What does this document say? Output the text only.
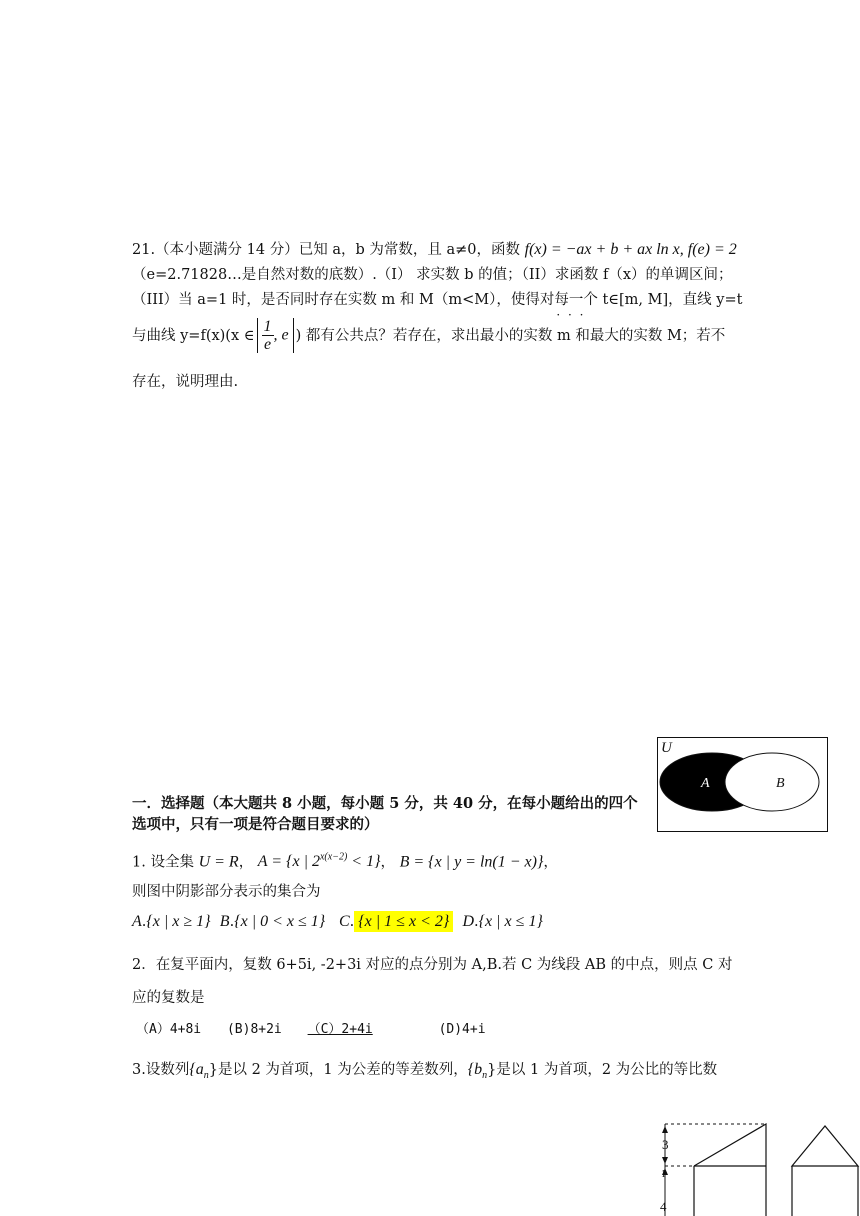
21.（本小题满分 14 分）已知 a，b 为常数，且 a≠0，函数 f(x) = −ax + b + ax ln x, f(e) = 2
（e=2.71828…是自然对数的底数）.（I） 求实数 b 的值；（II）求函数 f（x）的单调区间；
（III）当 a=1 时，是否同时存在实数 m 和 M（m<M），使得对每一个 · · · t∈[m, M]，直线 y=t
与曲线 y=f(x)(x ∈ $\frac{1}{e}$ , e ) 都有公共点？若存在，求出最小的实数 m 和最大的实数 M；若不
存在，说明理由.
U
A	B
一．选择题（本大题共 8 小题，每小题 5 分，共 40 分，在每小题给出的四个
选项中，只有一项是符合题目要求的）
1. 设全集 U = R， A = {x | $2^{x(x-2)} < 1$}， B = {x | y = ln(1 − x)}，
则图中阴影部分表示的集合为
A.{x | x ≥ 1} B.{x | 0 < x ≤ 1} C. {x | 1 ≤ x < 2} D.{x | x ≤ 1}
2．在复平面内，复数 6+5i, -2+3i 对应的点分别为 A,B.若 C 为线段 AB 的中点，则点 C 对
应的复数是
（A）4+8i (B)8+2i （C）2+4i	(D)4+i
3.设数列$\{a_n\}$是以 2 为首项，1 为公差的等差数列，$\{b_n\}$是以 1 为首项，2 为公比的等比数
3
1
4
